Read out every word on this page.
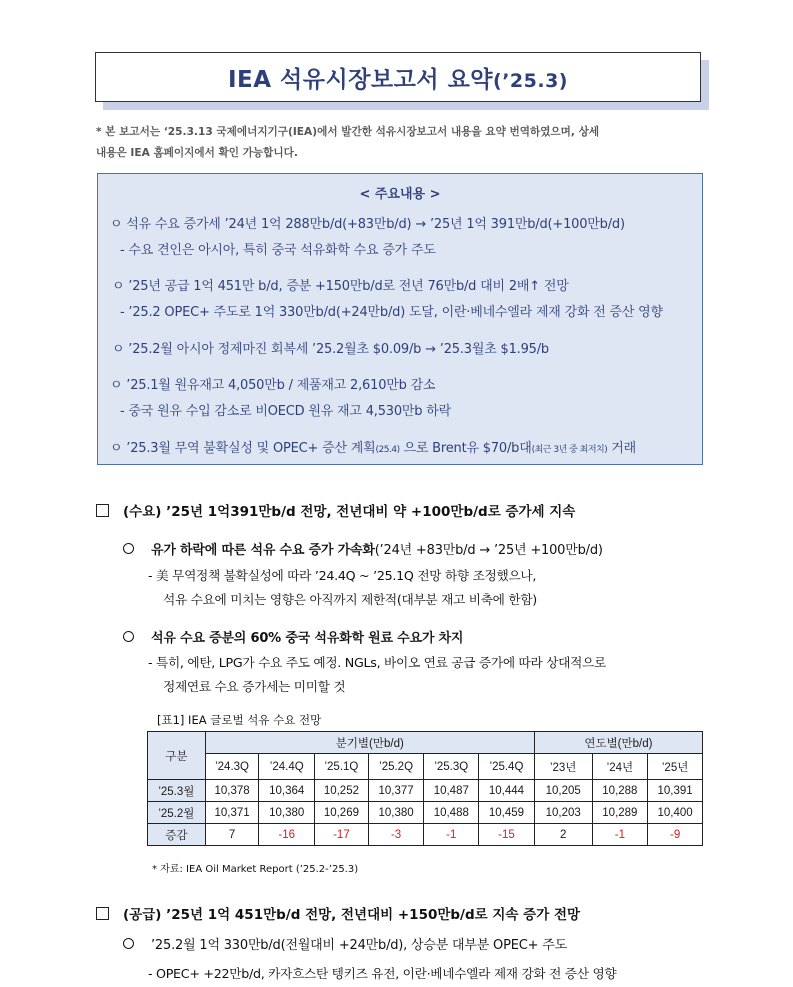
IEA 석유시장보고서 요약(’25.3)
* 본 보고서는 ‘25.3.13 국제에너지기구(IEA)에서 발간한 석유시장보고서 내용을 요약 번역하였으며, 상세
내용은 IEA 홈페이지에서 확인 가능합니다.
< 주요내용 >
ㅇ 석유 수요 증가세 ’24년 1억 288만b/d(+83만b/d) → ’25년 1억 391만b/d(+100만b/d)
- 수요 견인은 아시아, 특히 중국 석유화학 수요 증가 주도
ㅇ ’25년 공급 1억 451만 b/d, 증분 +150만b/d로 전년 76만b/d 대비 2배↑ 전망
- ’25.2 OPEC+ 주도로 1억 330만b/d(+24만b/d) 도달, 이란·베네수엘라 제재 강화 전 증산 영향
ㅇ ’25.2월 아시아 정제마진 회복세 ’25.2월초 $0.09/b → ’25.3월초 $1.95/b
ㅇ ’25.1월 원유재고 4,050만b / 제품재고 2,610만b 감소
- 중국 원유 수입 감소로 비OECD 원유 재고 4,530만b 하락
ㅇ ’25.3월 무역 불확실성 및 OPEC+ 증산 계획(25.4) 으로 Brent유 $70/b대(최근 3년 중 최저치) 거래
(수요) ’25년 1억391만b/d 전망, 전년대비 약 +100만b/d로 증가세 지속
유가 하락에 따른 석유 수요 증가 가속화(’24년 +83만b/d → ’25년 +100만b/d)
- 美 무역정책 불확실성에 따라 ’24.4Q ~ ’25.1Q 전망 하향 조정했으나,
석유 수요에 미치는 영향은 아직까지 제한적(대부분 재고 비축에 한함)
석유 수요 증분의 60% 중국 석유화학 원료 수요가 차지
- 특히, 에탄, LPG가 수요 주도 예정. NGLs, 바이오 연료 공급 증가에 따라 상대적으로
정제연료 수요 증가세는 미미할 것
[표1] IEA 글로벌 석유 수요 전망
구분	분기별(만b/d)						연도별(만b/d)		
	’24.3Q	’24.4Q	’25.1Q	’25.2Q	’25.3Q	’25.4Q	’23년	’24년	’25년
’25.3월	10,378	10,364	10,252	10,377	10,487	10,444	10,205	10,288	10,391
’25.2월	10,371	10,380	10,269	10,380	10,488	10,459	10,203	10,289	10,400
증감	7	-16	-17	-3	-1	-15	2	-1	-9
* 자료: IEA Oil Market Report (’25.2-’25.3)
(공급) ’25년 1억 451만b/d 전망, 전년대비 +150만b/d로 지속 증가 전망
’25.2월 1억 330만b/d(전월대비 +24만b/d), 상승분 대부분 OPEC+ 주도
- OPEC+ +22만b/d, 카자흐스탄 텡키즈 유전, 이란·베네수엘라 제재 강화 전 증산 영향
